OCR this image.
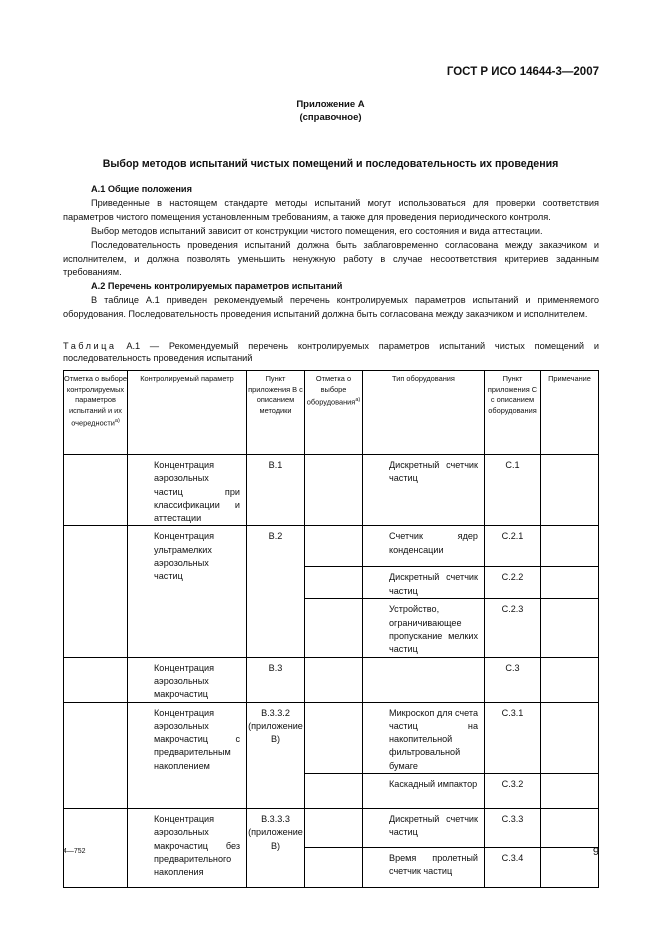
ГОСТ Р ИСО 14644-3—2007
Приложение А
(справочное)
Выбор методов испытаний чистых помещений и последовательность их проведения

А.1 Общие положения

Приведенные в настоящем стандарте методы испытаний могут использоваться для проверки соответствия параметров чистого помещения установленным требованиям, а также для проведения периодического контроля.

Выбор методов испытаний зависит от конструкции чистого помещения, его состояния и вида аттестации.

Последовательность проведения испытаний должна быть заблаговременно согласована между заказчиком и исполнителем, и должна позволять уменьшить ненужную работу в случае несоответствия критериев заданным требованиям.

А.2 Перечень контролируемых параметров испытаний

В таблице А.1 приведен рекомендуемый перечень контролируемых параметров испытаний и применяемого оборудования. Последовательность проведения испытаний должна быть согласована между заказчиком и исполнителем.

Таблица А.1 — Рекомендуемый перечень контролируемых параметров испытаний чистых помещений и последовательность проведения испытаний
Отметка о выборе контролируемых параметров испытаний и их очередности$^{а)}$	Контролируемый параметр	Пункт приложения В с описанием методики	Отметка о выборе оборудования$^{а)}$	Тип оборудования	Пункт приложения С с описанием оборудования	Примечание
	Концентрация аэрозольных частиц при классификации и аттестации	В.1		Дискретный счетчик частиц	С.1	
	Концентрация ультрамелких аэрозольных частиц	В.2		Счетчик ядер конденсации	С.2.1	
				Дискретный счетчик частиц	С.2.2	
				Устройство, ограничивающее пропускание мелких частиц	С.2.3	
	Концентрация аэрозольных макрочастиц	В.3			С.3	
	Концентрация аэрозольных макрочастиц с предварительным накоплением	В.3.3.2 (приложение В)		Микроскоп для счета частиц на накопительной фильтровальной бумаге	С.3.1	
				Каскадный импактор	С.3.2	
	Концентрация аэрозольных макрочастиц без предварительного накопления	В.3.3.3 (приложение В)		Дискретный счетчик частиц	С.3.3	
				Время пролетный счетчик частиц	С.3.4	
4—752	9
